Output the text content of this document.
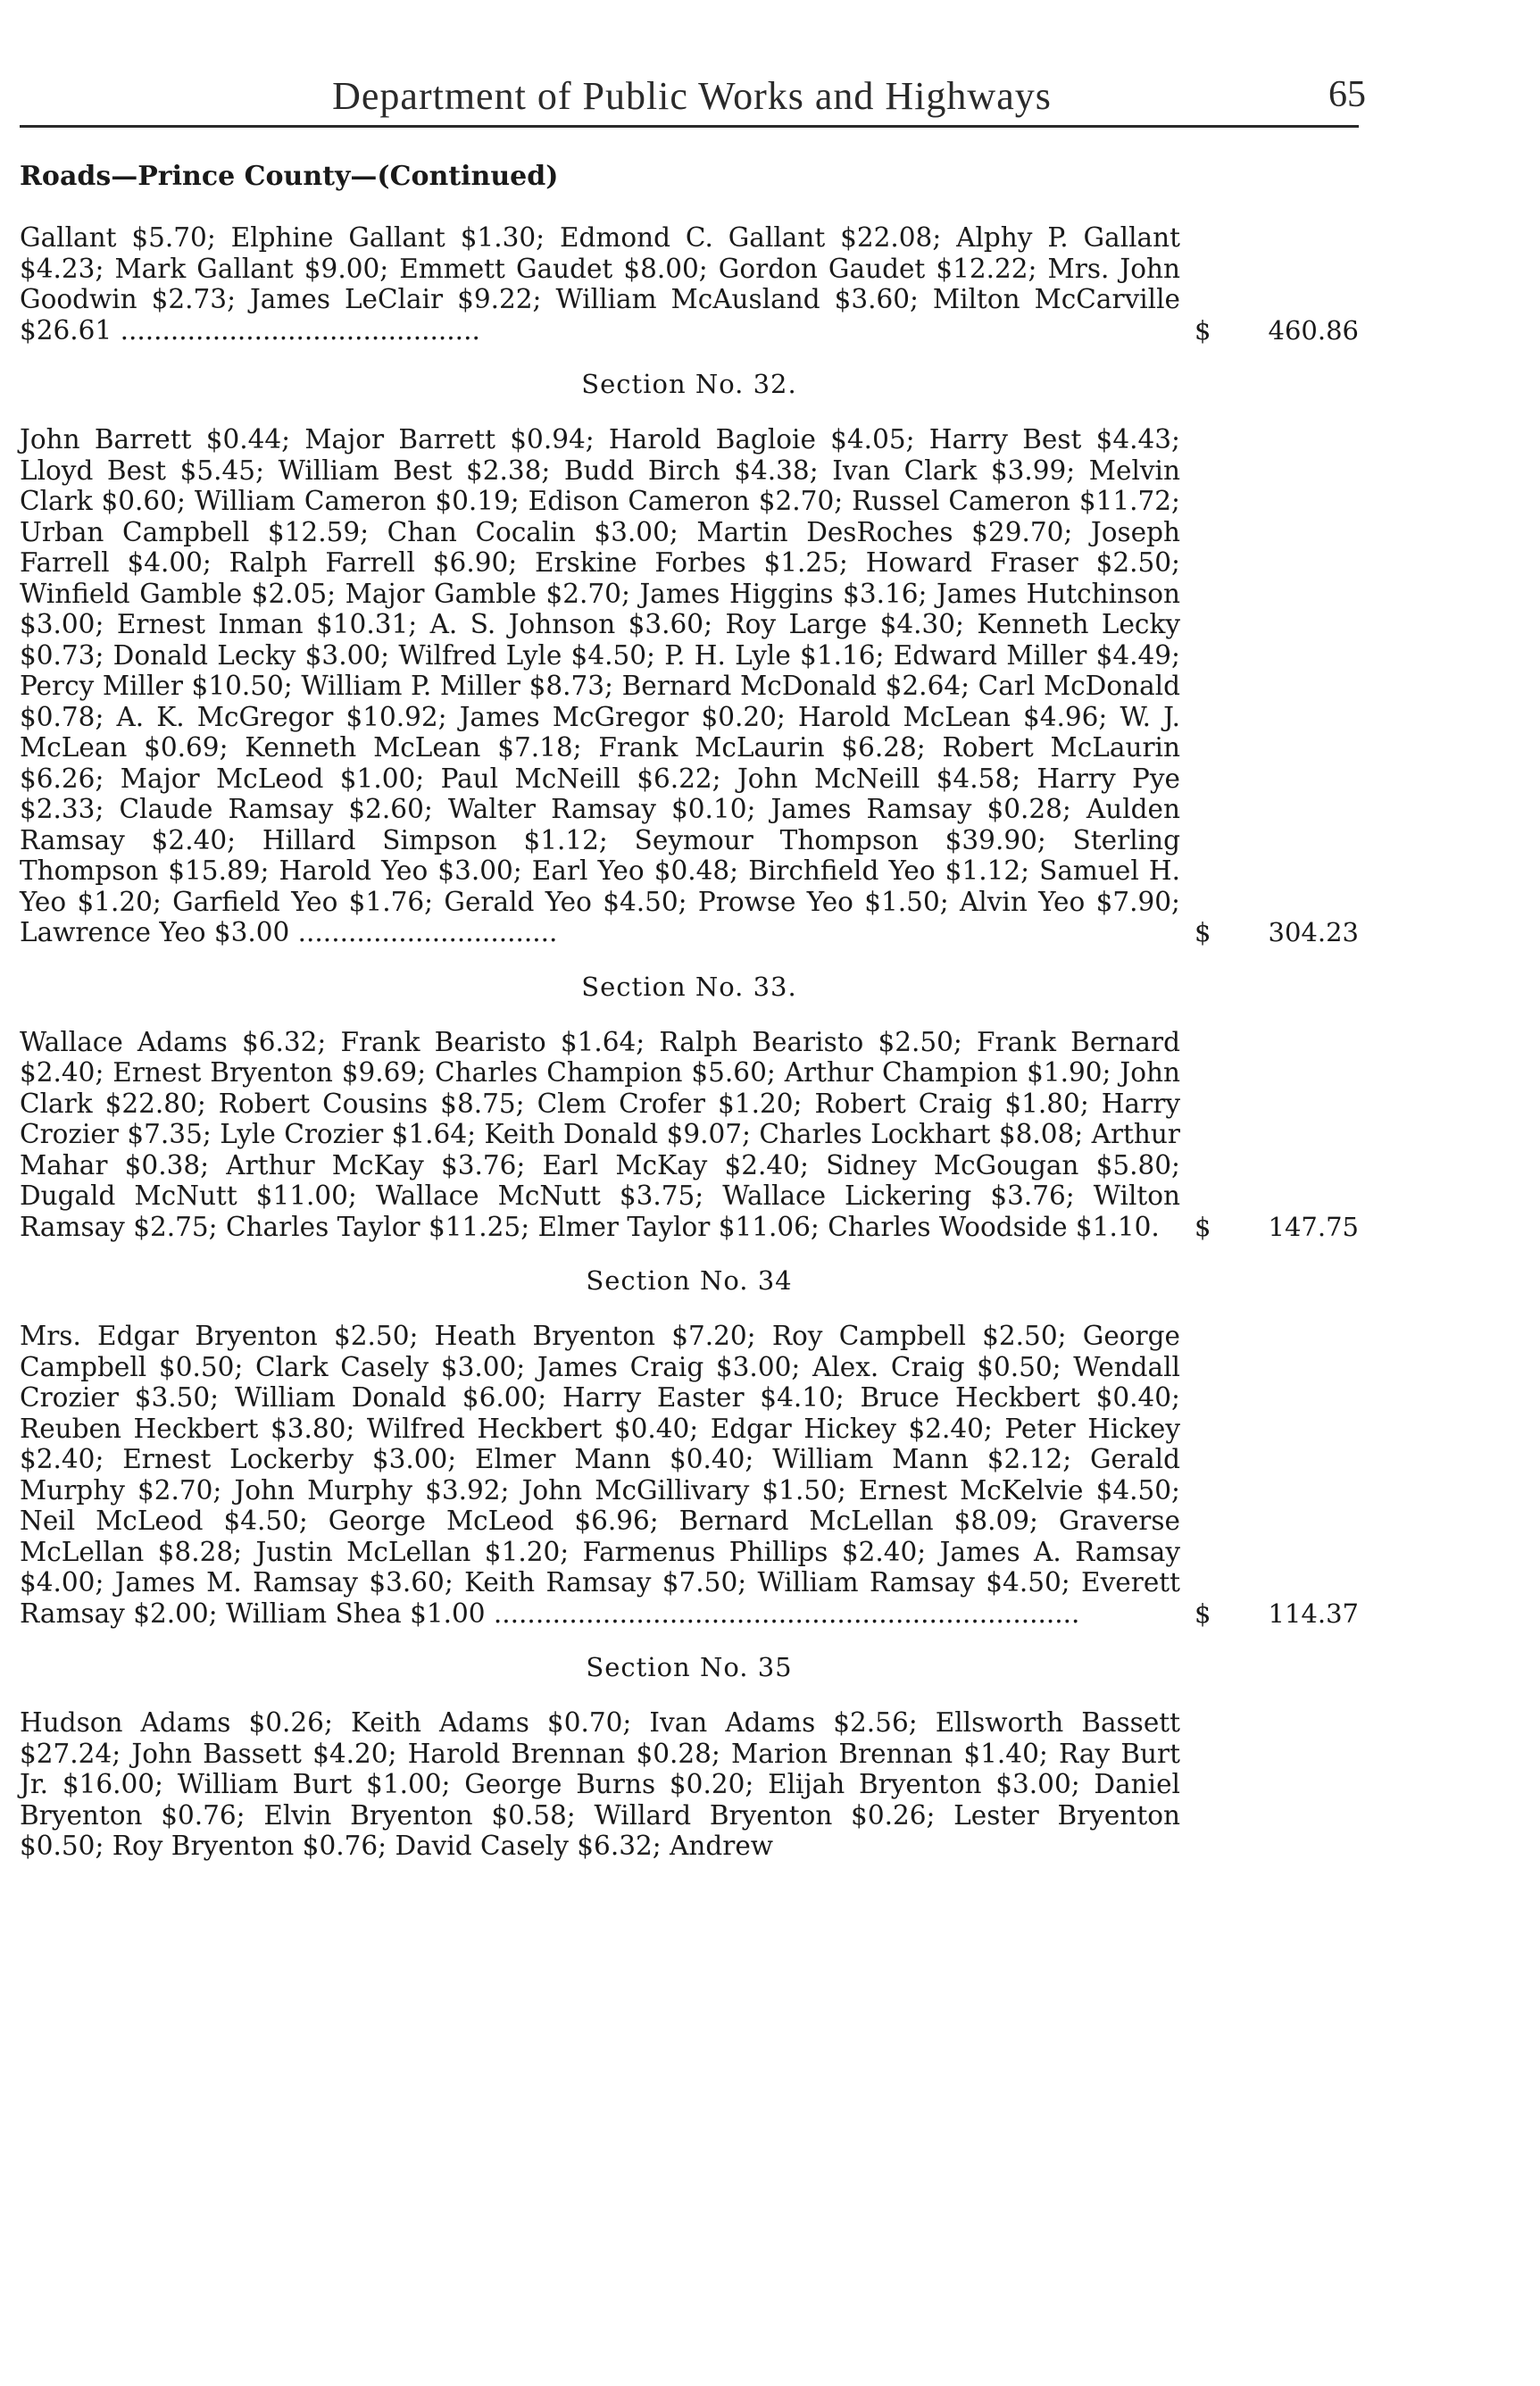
Department of Public Works and Highways	65
Roads—Prince County—(Continued)
Gallant $5.70; Elphine Gallant $1.30; Edmond C. Gallant $22.08; Alphy P. Gallant $4.23; Mark Gallant $9.00; Emmett Gaudet $8.00; Gordon Gaudet $12.22; Mrs. John Goodwin $2.73; James LeClair $9.22; William McAusland $3.60; Milton McCarville $26.61 ...........................................	$ 460.86
Section No. 32.
John Barrett $0.44; Major Barrett $0.94; Harold Bagloie $4.05; Harry Best $4.43; Lloyd Best $5.45; William Best $2.38; Budd Birch $4.38; Ivan Clark $3.99; Melvin Clark $0.60; William Cameron $0.19; Edison Cameron $2.70; Russel Cameron $11.72; Urban Campbell $12.59; Chan Cocalin $3.00; Martin DesRoches $29.70; Joseph Farrell $4.00; Ralph Farrell $6.90; Erskine Forbes $1.25; Howard Fraser $2.50; Winfield Gamble $2.05; Major Gamble $2.70; James Higgins $3.16; James Hutchinson $3.00; Ernest Inman $10.31; A. S. Johnson $3.60; Roy Large $4.30; Kenneth Lecky $0.73; Donald Lecky $3.00; Wilfred Lyle $4.50; P. H. Lyle $1.16; Edward Miller $4.49; Percy Miller $10.50; William P. Miller $8.73; Bernard McDonald $2.64; Carl McDonald $0.78; A. K. McGregor $10.92; James McGregor $0.20; Harold McLean $4.96; W. J. McLean $0.69; Kenneth McLean $7.18; Frank McLaurin $6.28; Robert McLaurin $6.26; Major McLeod $1.00; Paul McNeill $6.22; John McNeill $4.58; Harry Pye $2.33; Claude Ramsay $2.60; Walter Ramsay $0.10; James Ramsay $0.28; Aulden Ramsay $2.40; Hillard Simpson $1.12; Seymour Thompson $39.90; Sterling Thompson $15.89; Harold Yeo $3.00; Earl Yeo $0.48; Birchfield Yeo $1.12; Samuel H. Yeo $1.20; Garfield Yeo $1.76; Gerald Yeo $4.50; Prowse Yeo $1.50; Alvin Yeo $7.90; Lawrence Yeo $3.00 ...............................	$ 304.23
Section No. 33.
Wallace Adams $6.32; Frank Bearisto $1.64; Ralph Bearisto $2.50; Frank Bernard $2.40; Ernest Bryenton $9.69; Charles Champion $5.60; Arthur Champion $1.90; John Clark $22.80; Robert Cousins $8.75; Clem Crofer $1.20; Robert Craig $1.80; Harry Crozier $7.35; Lyle Crozier $1.64; Keith Donald $9.07; Charles Lockhart $8.08; Arthur Mahar $0.38; Arthur McKay $3.76; Earl McKay $2.40; Sidney McGougan $5.80; Dugald McNutt $11.00; Wallace McNutt $3.75; Wallace Lickering $3.76; Wilton Ramsay $2.75; Charles Taylor $11.25; Elmer Taylor $11.06; Charles Woodside $1.10.	$ 147.75
Section No. 34
Mrs. Edgar Bryenton $2.50; Heath Bryenton $7.20; Roy Campbell $2.50; George Campbell $0.50; Clark Casely $3.00; James Craig $3.00; Alex. Craig $0.50; Wendall Crozier $3.50; William Donald $6.00; Harry Easter $4.10; Bruce Heckbert $0.40; Reuben Heckbert $3.80; Wilfred Heckbert $0.40; Edgar Hickey $2.40; Peter Hickey $2.40; Ernest Lockerby $3.00; Elmer Mann $0.40; William Mann $2.12; Gerald Murphy $2.70; John Murphy $3.92; John McGillivary $1.50; Ernest McKelvie $4.50; Neil McLeod $4.50; George McLeod $6.96; Bernard McLellan $8.09; Graverse McLellan $8.28; Justin McLellan $1.20; Farmenus Phillips $2.40; James A. Ramsay $4.00; James M. Ramsay $3.60; Keith Ramsay $7.50; William Ramsay $4.50; Everett Ramsay $2.00; William Shea $1.00 ......................................................................	$ 114.37
Section No. 35
Hudson Adams $0.26; Keith Adams $0.70; Ivan Adams $2.56; Ellsworth Bassett $27.24; John Bassett $4.20; Harold Brennan $0.28; Marion Brennan $1.40; Ray Burt Jr. $16.00; William Burt $1.00; George Burns $0.20; Elijah Bryenton $3.00; Daniel Bryenton $0.76; Elvin Bryenton $0.58; Willard Bryenton $0.26; Lester Bryenton $0.50; Roy Bryenton $0.76; David Casely $6.32; Andrew
